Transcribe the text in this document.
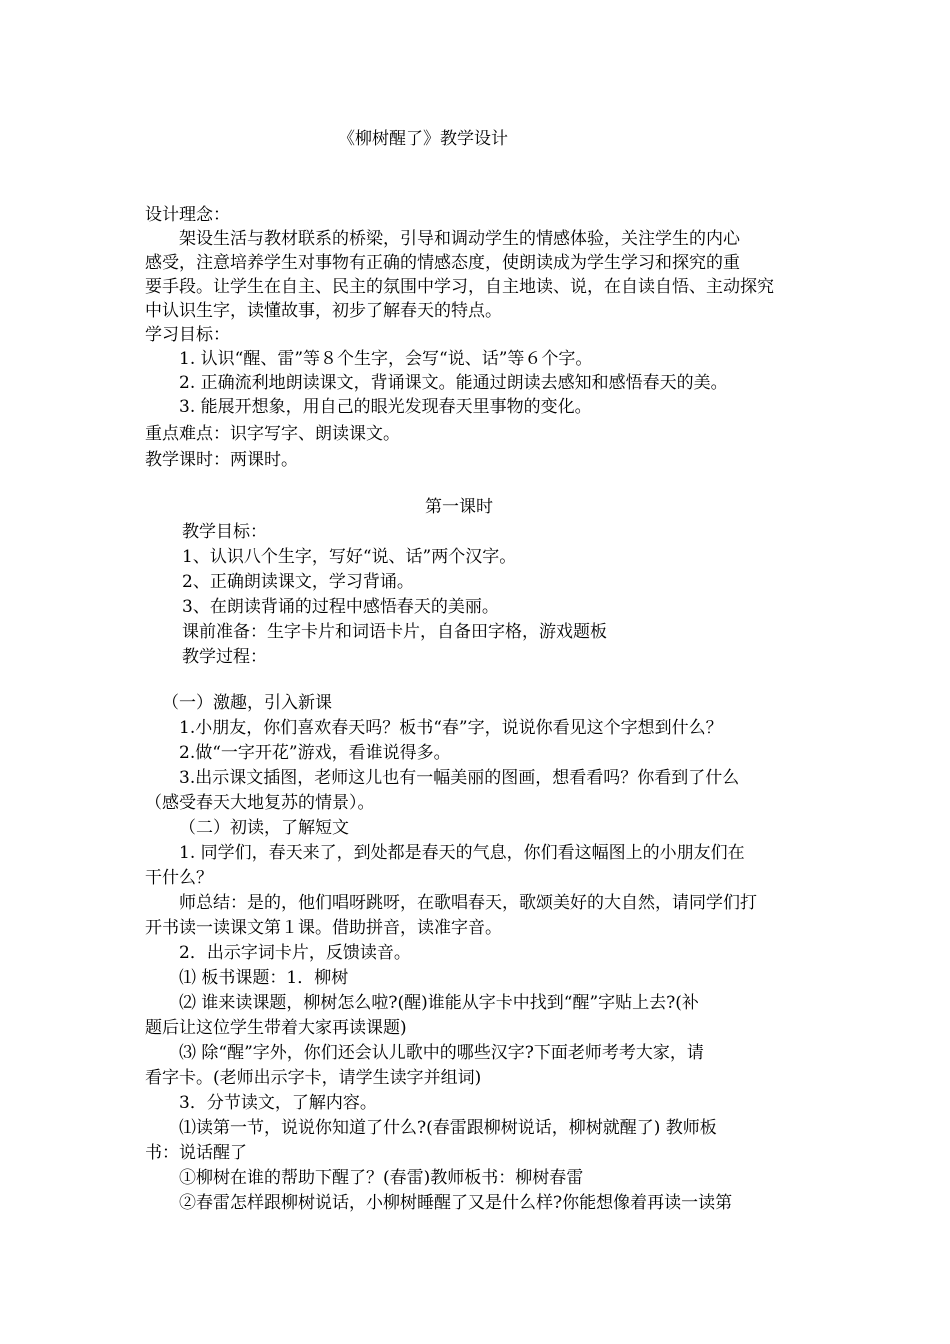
《柳树醒了》教学设计
设计理念：
架设生活与教材联系的桥梁，引导和调动学生的情感体验，关注学生的内心
感受，注意培养学生对事物有正确的情感态度，使朗读成为学生学习和探究的重
要手段。让学生在自主、民主的氛围中学习，自主地读、说，在自读自悟、主动探究
中认识生字，读懂故事，初步了解春天的特点。
学习目标：
1. 认识“醒、雷”等８个生字，会写“说、话”等６个字。
2. 正确流利地朗读课文，背诵课文。能通过朗读去感知和感悟春天的美。
3. 能展开想象，用自己的眼光发现春天里事物的变化。
重点难点：识字写字、朗读课文。
教学课时：两课时。
第一课时
教学目标：
1、认识八个生字，写好“说、话”两个汉字。
2、正确朗读课文，学习背诵。
3、在朗读背诵的过程中感悟春天的美丽。
课前准备：生字卡片和词语卡片，自备田字格，游戏题板
教学过程：
（一）激趣，引入新课
1.小朋友，你们喜欢春天吗？板书“春”字，说说你看见这个字想到什么？
2.做“一字开花”游戏，看谁说得多。
3.出示课文插图，老师这儿也有一幅美丽的图画，想看看吗？你看到了什么
（感受春天大地复苏的情景）。
（二）初读，了解短文
1. 同学们，春天来了，到处都是春天的气息，你们看这幅图上的小朋友们在
干什么？
师总结：是的，他们唱呀跳呀，在歌唱春天，歌颂美好的大自然，请同学们打
开书读一读课文第１课。借助拼音，读准字音。
2．出示字词卡片，反馈读音。
⑴ 板书课题：1．柳树
⑵ 谁来读课题，柳树怎么啦?(醒)谁能从字卡中找到“醒”字贴上去?(补
题后让这位学生带着大家再读课题)
⑶ 除“醒”字外，你们还会认儿歌中的哪些汉字?下面老师考考大家，请
看字卡。(老师出示字卡，请学生读字并组词)
3．分节读文，了解内容。
⑴读第一节，说说你知道了什么?(春雷跟柳树说话，柳树就醒了) 教师板
书：说话醒了
①柳树在谁的帮助下醒了？(春雷)教师板书：柳树春雷
②春雷怎样跟柳树说话，小柳树睡醒了又是什么样?你能想像着再读一读第
